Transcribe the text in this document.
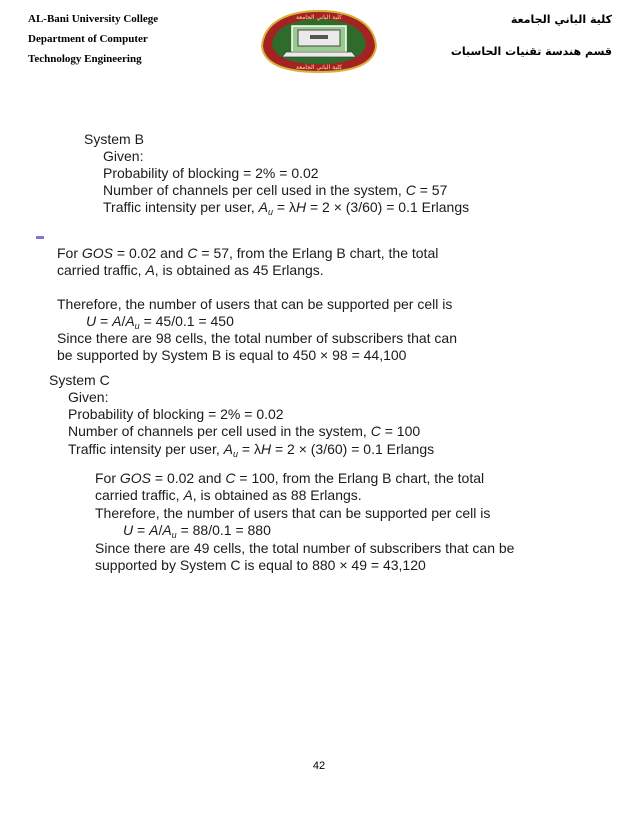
AL-Bani University College
Department of Computer
Technology Engineering
كلية الباني الجامعة
كلية الباني الجامعة
كلية الباني الجامعة
قسم هندسة تقنيات الحاسبات
System B
Given:
Probability of blocking = 2% = 0.02
Number of channels per cell used in the system, C = 57
Traffic intensity per user, $A_u = \lambda H = 2 \times (3/60) = 0.1$ Erlangs
For GOS = 0.02 and C = 57, from the Erlang B chart, the total
carried traffic, A, is obtained as 45 Erlangs.
Therefore, the number of users that can be supported per cell is
$U = A/A_u = 45/0.1 = 450$
Since there are 98 cells, the total number of subscribers that can
be supported by System B is equal to 450 × 98 = 44,100
System C
Given:
Probability of blocking = 2% = 0.02
Number of channels per cell used in the system, C = 100
Traffic intensity per user, $A_u = \lambda H = 2 \times (3/60) = 0.1$ Erlangs
For GOS = 0.02 and C = 100, from the Erlang B chart, the total
carried traffic, A, is obtained as 88 Erlangs.
Therefore, the number of users that can be supported per cell is
$U = A/A_u = 88/0.1 = 880$
Since there are 49 cells, the total number of subscribers that can be
supported by System C is equal to 880 × 49 = 43,120
42
